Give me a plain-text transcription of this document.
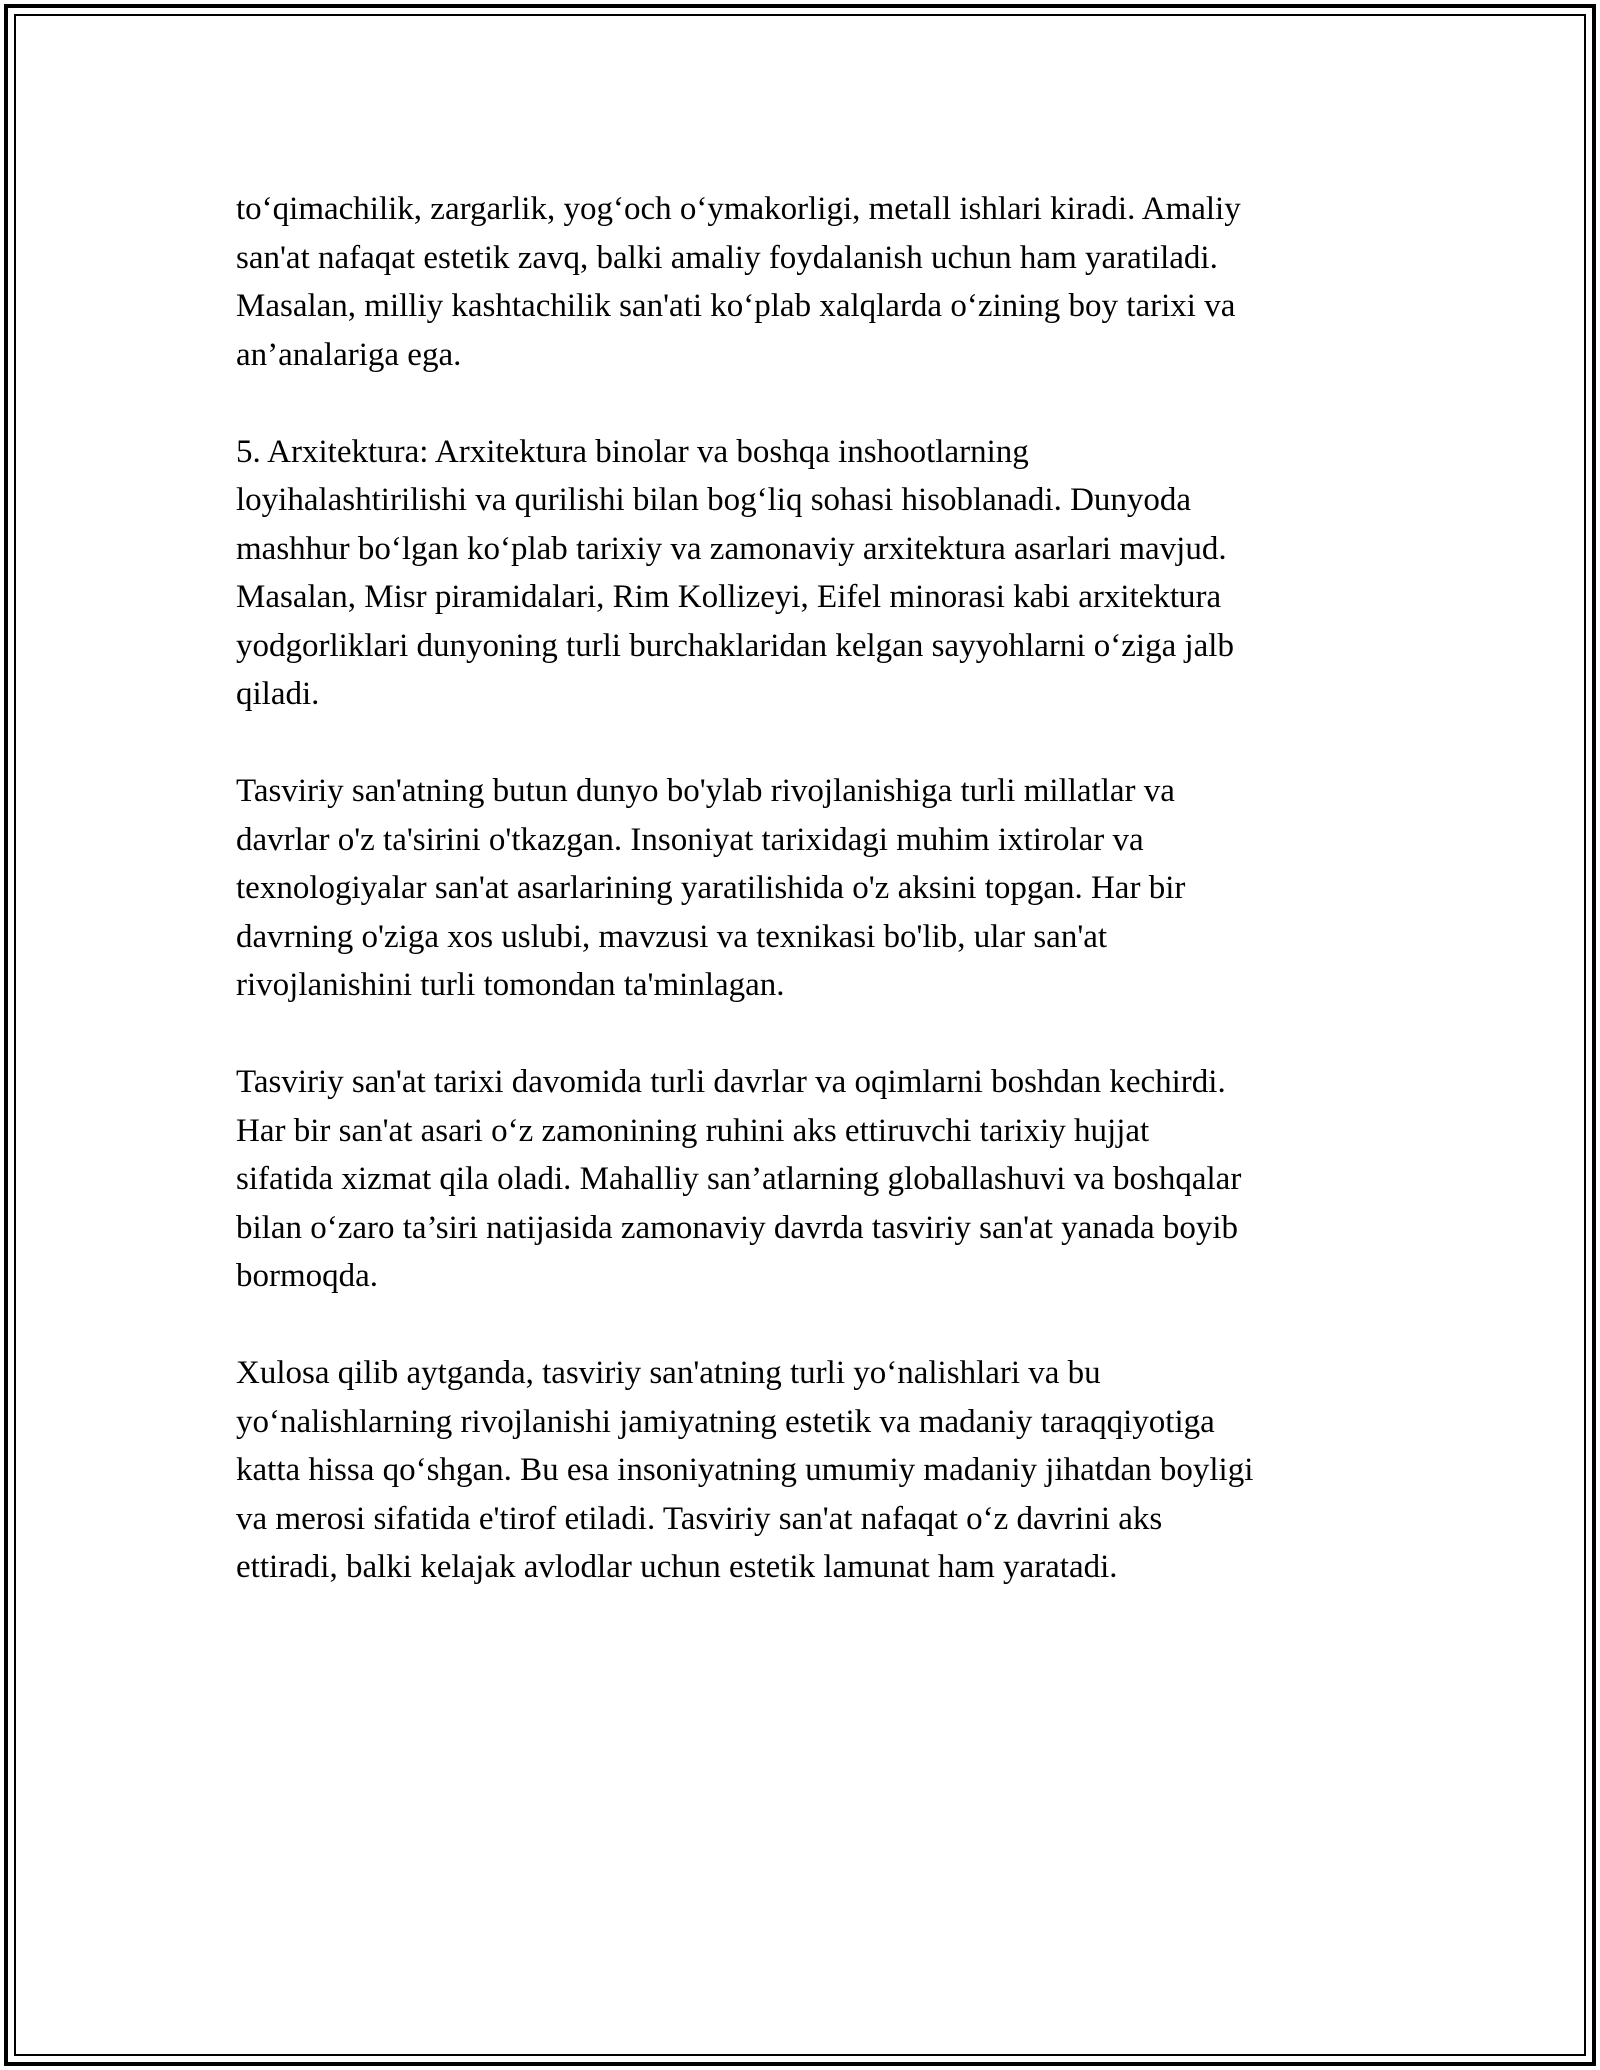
to‘qimachilik, zargarlik, yog‘och o‘ymakorligi, metall ishlari kiradi. Amaliy
san'at nafaqat estetik zavq, balki amaliy foydalanish uchun ham yaratiladi.
Masalan, milliy kashtachilik san'ati ko‘plab xalqlarda o‘zining boy tarixi va
an’analariga ega.

5. Arxitektura: Arxitektura binolar va boshqa inshootlarning
loyihalashtirilishi va qurilishi bilan bog‘liq sohasi hisoblanadi. Dunyoda
mashhur bo‘lgan ko‘plab tarixiy va zamonaviy arxitektura asarlari mavjud.
Masalan, Misr piramidalari, Rim Kollizeyi, Eifel minorasi kabi arxitektura
yodgorliklari dunyoning turli burchaklaridan kelgan sayyohlarni o‘ziga jalb
qiladi.

Tasviriy san'atning butun dunyo bo'ylab rivojlanishiga turli millatlar va
davrlar o'z ta'sirini o'tkazgan. Insoniyat tarixidagi muhim ixtirolar va
texnologiyalar san'at asarlarining yaratilishida o'z aksini topgan. Har bir
davrning o'ziga xos uslubi, mavzusi va texnikasi bo'lib, ular san'at
rivojlanishini turli tomondan ta'minlagan.

Tasviriy san'at tarixi davomida turli davrlar va oqimlarni boshdan kechirdi.
Har bir san'at asari o‘z zamonining ruhini aks ettiruvchi tarixiy hujjat
sifatida xizmat qila oladi. Mahalliy san’atlarning globallashuvi va boshqalar
bilan o‘zaro ta’siri natijasida zamonaviy davrda tasviriy san'at yanada boyib
bormoqda.

Xulosa qilib aytganda, tasviriy san'atning turli yo‘nalishlari va bu
yo‘nalishlarning rivojlanishi jamiyatning estetik va madaniy taraqqiyotiga
katta hissa qo‘shgan. Bu esa insoniyatning umumiy madaniy jihatdan boyligi
va merosi sifatida e'tirof etiladi. Tasviriy san'at nafaqat o‘z davrini aks
ettiradi, balki kelajak avlodlar uchun estetik lamunat ham yaratadi.
